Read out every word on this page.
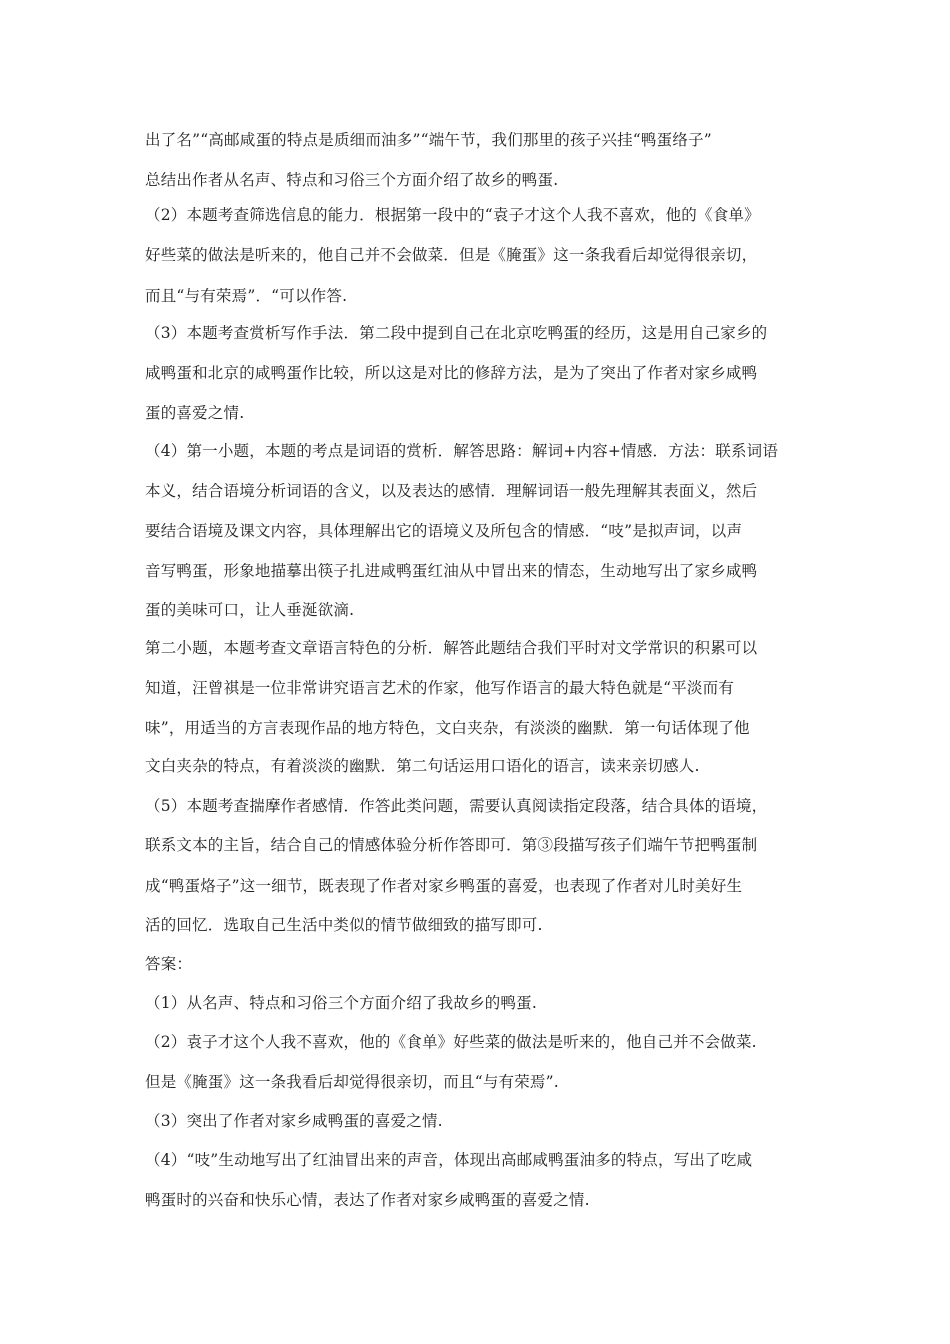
出了名”“高邮咸蛋的特点是质细而油多”“端午节，我们那里的孩子兴挂“鸭蛋络子”
总结出作者从名声、特点和习俗三个方面介绍了故乡的鸭蛋.
（2）本题考查筛选信息的能力．根据第一段中的“袁子才这个人我不喜欢，他的《食单》
好些菜的做法是听来的，他自己并不会做菜．但是《腌蛋》这一条我看后却觉得很亲切，
而且“与有荣焉”．“可以作答.
（3）本题考查赏析写作手法．第二段中提到自己在北京吃鸭蛋的经历，这是用自己家乡的
咸鸭蛋和北京的咸鸭蛋作比较，所以这是对比的修辞方法，是为了突出了作者对家乡咸鸭
蛋的喜爱之情.
（4）第一小题，本题的考点是词语的赏析．解答思路：解词+内容+情感．方法：联系词语
本义，结合语境分析词语的含义，以及表达的感情．理解词语一般先理解其表面义，然后
要结合语境及课文内容，具体理解出它的语境义及所包含的情感．“吱”是拟声词，以声
音写鸭蛋，形象地描摹出筷子扎进咸鸭蛋红油从中冒出来的情态，生动地写出了家乡咸鸭
蛋的美味可口，让人垂涎欲滴.
第二小题，本题考查文章语言特色的分析．解答此题结合我们平时对文学常识的积累可以
知道，汪曾祺是一位非常讲究语言艺术的作家，他写作语言的最大特色就是“平淡而有
味”，用适当的方言表现作品的地方特色，文白夹杂，有淡淡的幽默．第一句话体现了他
文白夹杂的特点，有着淡淡的幽默．第二句话运用口语化的语言，读来亲切感人.
（5）本题考查揣摩作者感情．作答此类问题，需要认真阅读指定段落，结合具体的语境，
联系文本的主旨，结合自己的情感体验分析作答即可．第③段描写孩子们端午节把鸭蛋制
成“鸭蛋烙子”这一细节，既表现了作者对家乡鸭蛋的喜爱，也表现了作者对儿时美好生
活的回忆．选取自己生活中类似的情节做细致的描写即可.
答案：
（1）从名声、特点和习俗三个方面介绍了我故乡的鸭蛋.
（2）袁子才这个人我不喜欢，他的《食单》好些菜的做法是听来的，他自己并不会做菜.
但是《腌蛋》这一条我看后却觉得很亲切，而且“与有荣焉”.
（3）突出了作者对家乡咸鸭蛋的喜爱之情.
（4）“吱”生动地写出了红油冒出来的声音，体现出高邮咸鸭蛋油多的特点，写出了吃咸
鸭蛋时的兴奋和快乐心情，表达了作者对家乡咸鸭蛋的喜爱之情.
